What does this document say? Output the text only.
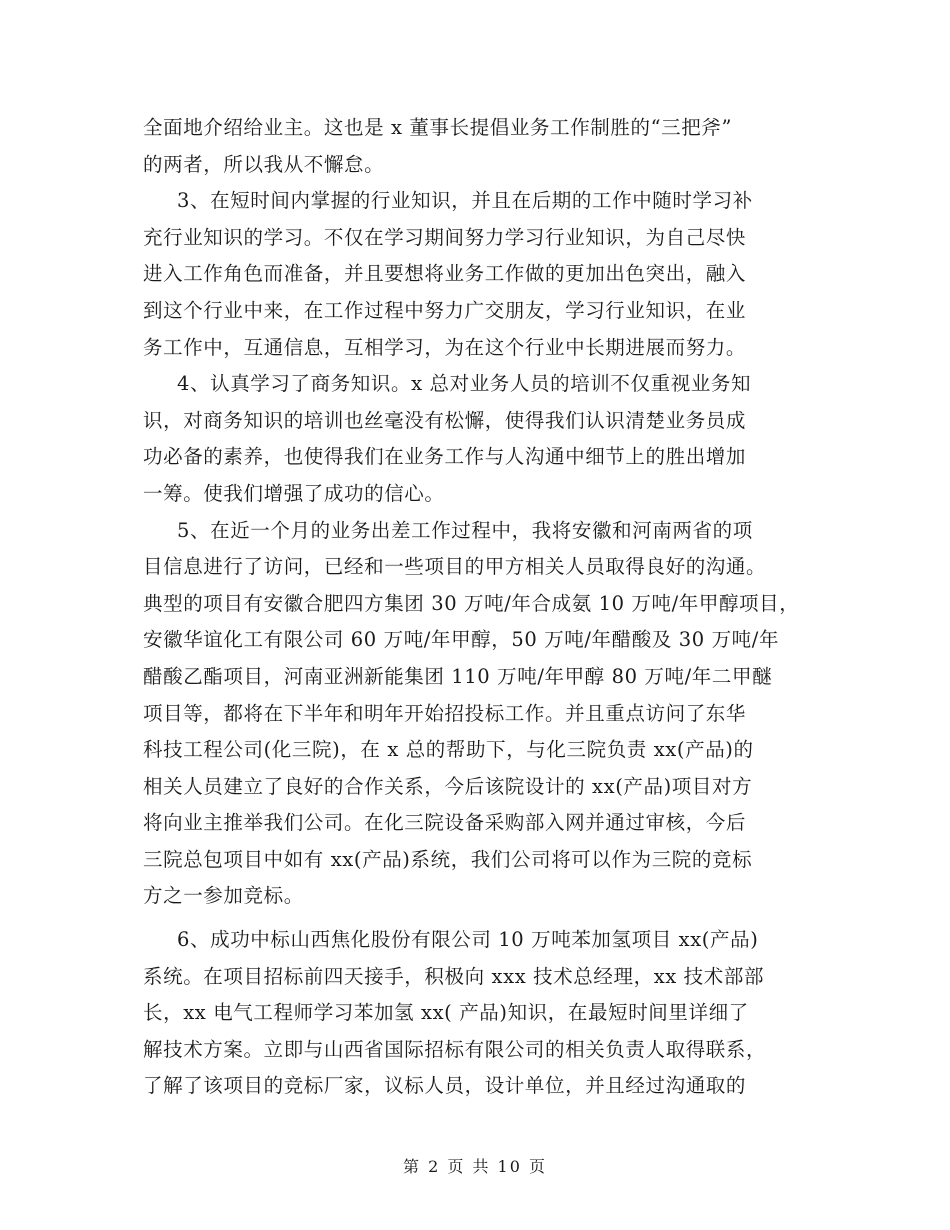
全面地介绍给业主。这也是 x 董事长提倡业务工作制胜的“三把斧”
的两者，所以我从不懈怠。
3、在短时间内掌握的行业知识，并且在后期的工作中随时学习补
充行业知识的学习。不仅在学习期间努力学习行业知识，为自己尽快
进入工作角色而准备，并且要想将业务工作做的更加出色突出，融入
到这个行业中来，在工作过程中努力广交朋友，学习行业知识，在业
务工作中，互通信息，互相学习，为在这个行业中长期进展而努力。
4、认真学习了商务知识。x 总对业务人员的培训不仅重视业务知
识，对商务知识的培训也丝毫没有松懈，使得我们认识清楚业务员成
功必备的素养，也使得我们在业务工作与人沟通中细节上的胜出增加
一筹。使我们增强了成功的信心。
5、在近一个月的业务出差工作过程中，我将安徽和河南两省的项
目信息进行了访问，已经和一些项目的甲方相关人员取得良好的沟通。
典型的项目有安徽合肥四方集团 30 万吨/年合成氨 10 万吨/年甲醇项目，
安徽华谊化工有限公司 60 万吨/年甲醇，50 万吨/年醋酸及 30 万吨/年
醋酸乙酯项目，河南亚洲新能集团 110 万吨/年甲醇 80 万吨/年二甲醚
项目等，都将在下半年和明年开始招投标工作。并且重点访问了东华
科技工程公司(化三院)，在 x 总的帮助下，与化三院负责 xx(产品)的
相关人员建立了良好的合作关系，今后该院设计的 xx(产品)项目对方
将向业主推举我们公司。在化三院设备采购部入网并通过审核，今后
三院总包项目中如有 xx(产品)系统，我们公司将可以作为三院的竞标
方之一参加竞标。
6、成功中标山西焦化股份有限公司 10 万吨苯加氢项目 xx(产品)
系统。在项目招标前四天接手，积极向 xxx 技术总经理，xx 技术部部
长，xx 电气工程师学习苯加氢 xx( 产品)知识，在最短时间里详细了
解技术方案。立即与山西省国际招标有限公司的相关负责人取得联系，
了解了该项目的竞标厂家，议标人员，设计单位，并且经过沟通取的
第 2 页 共 10 页
